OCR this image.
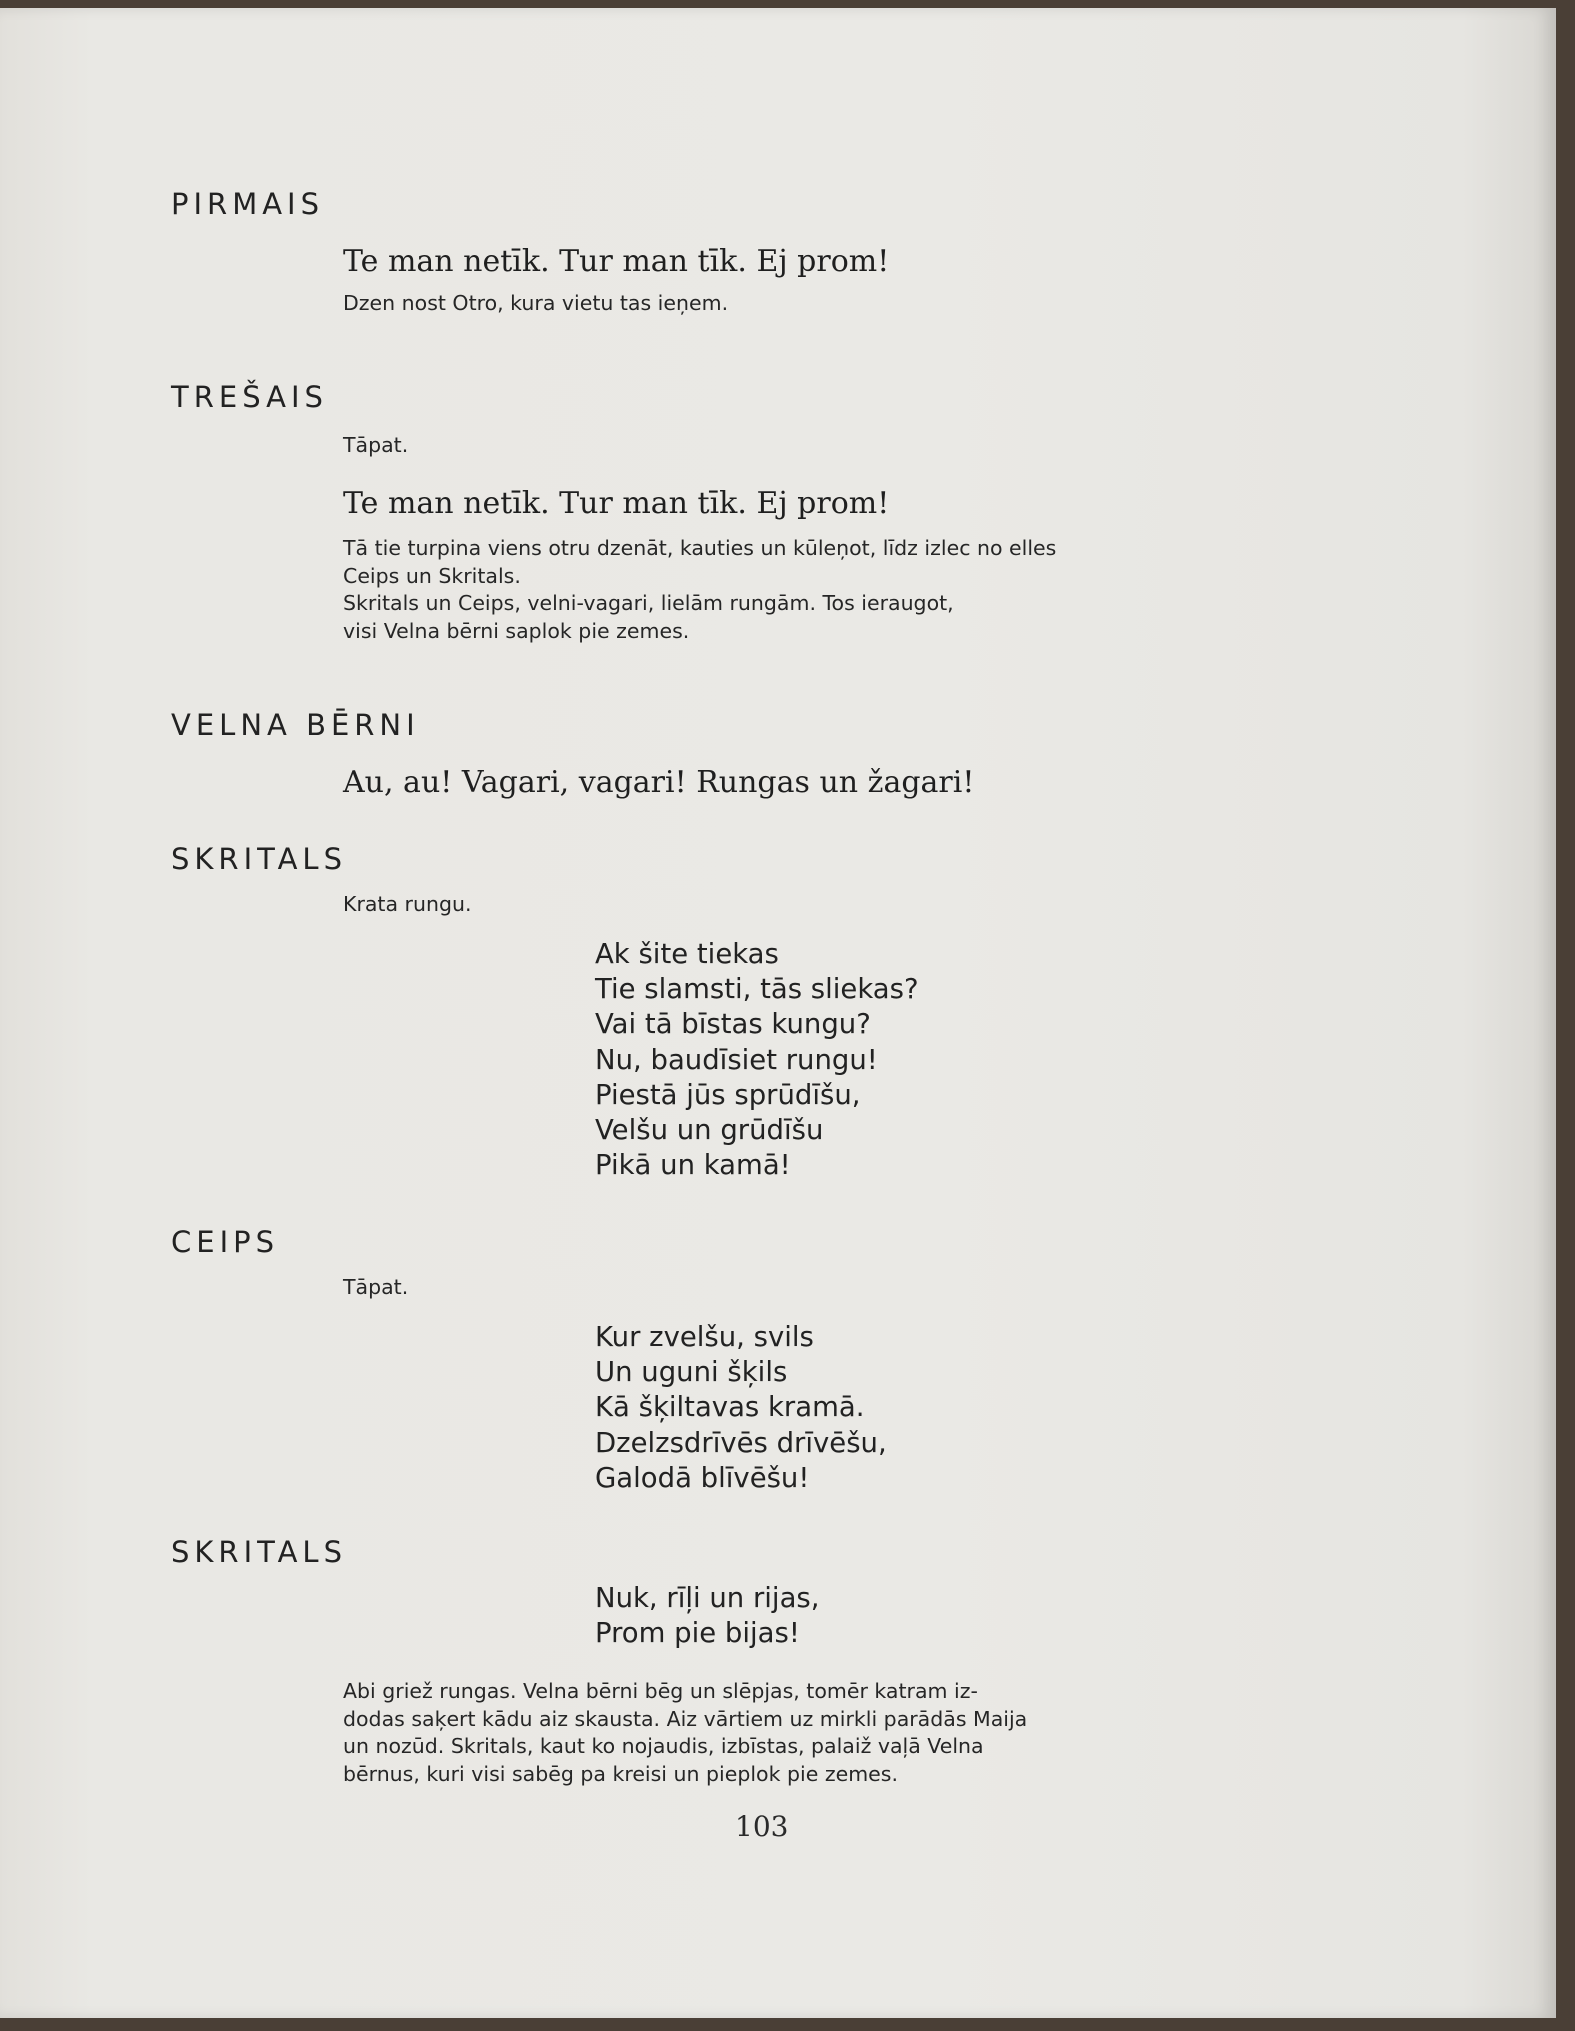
PIRMAIS
Te man netīk. Tur man tīk. Ej prom!
Dzen nost Otro, kura vietu tas ieņem.
TREŠAIS
Tāpat.
Te man netīk. Tur man tīk. Ej prom!
Tā tie turpina viens otru dzenāt, kauties un kūleņot, līdz izlec no elles
Ceips un Skritals.
Skritals un Ceips, velni-vagari, lielām rungām. Tos ieraugot,
visi Velna bērni saplok pie zemes.
VELNA BĒRNI
Au, au! Vagari, vagari! Rungas un žagari!
SKRITALS
Krata rungu.
Ak šite tiekas
Tie slamsti, tās sliekas?
Vai tā bīstas kungu?
Nu, baudīsiet rungu!
Piestā jūs sprūdīšu,
Velšu un grūdīšu
Pikā un kamā!
CEIPS
Tāpat.
Kur zvelšu, svils
Un uguni šķils
Kā šķiltavas kramā.
Dzelzsdrīvēs drīvēšu,
Galodā blīvēšu!
SKRITALS
Nuk, rīļi un rijas,
Prom pie bijas!
Abi griež rungas. Velna bērni bēg un slēpjas, tomēr katram iz-
dodas saķert kādu aiz skausta. Aiz vārtiem uz mirkli parādās Maija
un nozūd. Skritals, kaut ko nojaudis, izbīstas, palaiž vaļā Velna
bērnus, kuri visi sabēg pa kreisi un pieplok pie zemes.
103
